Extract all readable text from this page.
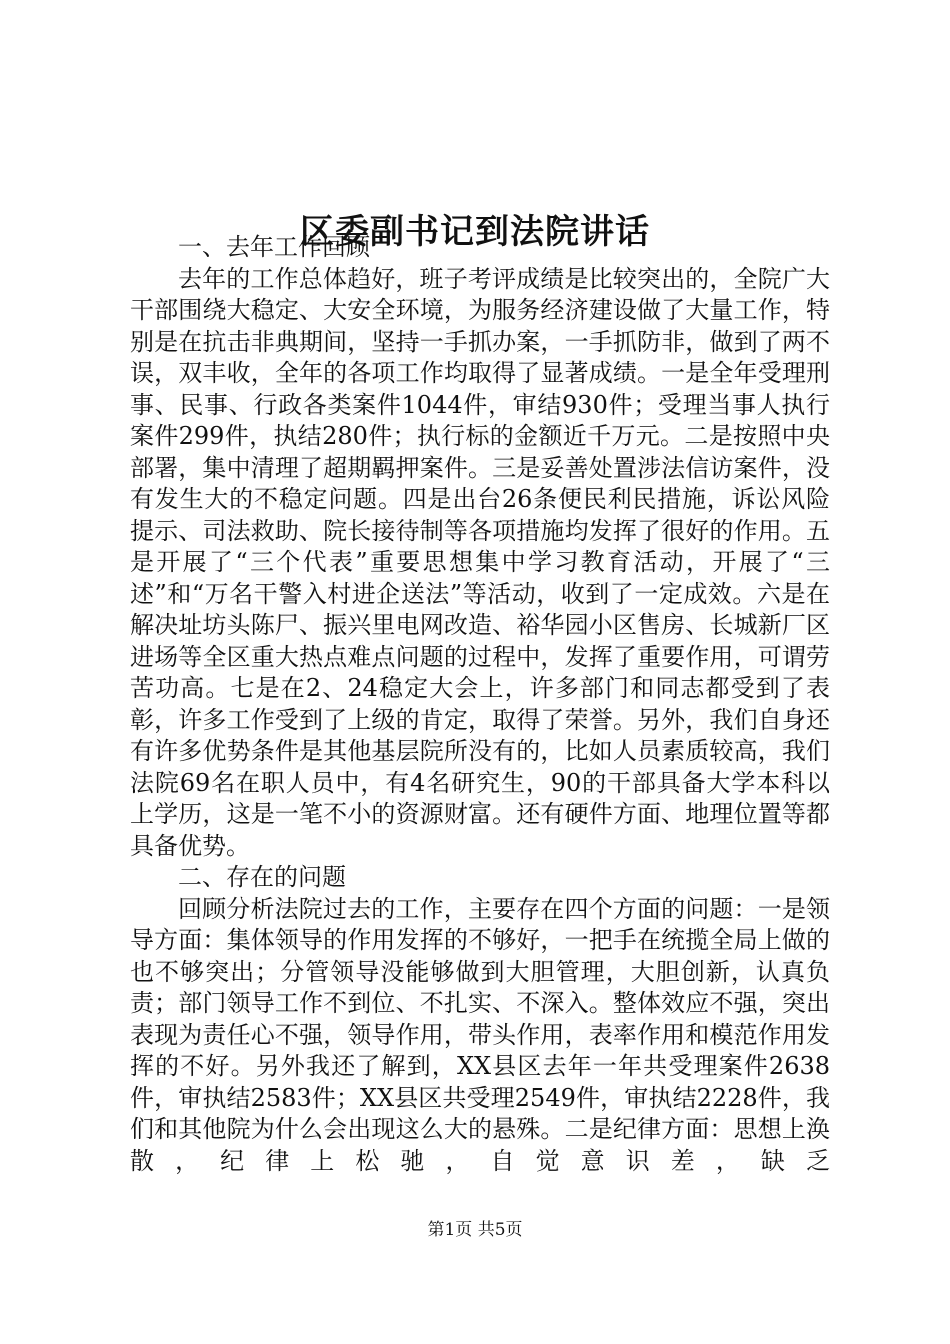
区委副书记到法院讲话

一、去年工作回顾

去年的工作总体趋好，班子考评成绩是比较突出的，全院广大干部围绕大稳定、大安全环境，为服务经济建设做了大量工作，特别是在抗击非典期间，坚持一手抓办案，一手抓防非，做到了两不误，双丰收，全年的各项工作均取得了显著成绩。一是全年受理刑事、民事、行政各类案件1044件，审结930件；受理当事人执行案件299件，执结280件；执行标的金额近千万元。二是按照中央部署，集中清理了超期羁押案件。三是妥善处置涉法信访案件，没有发生大的不稳定问题。四是出台26条便民利民措施，诉讼风险提示、司法救助、院长接待制等各项措施均发挥了很好的作用。五是开展了“三个代表”重要思想集中学习教育活动，开展了“三述”和“万名干警入村进企送法”等活动，收到了一定成效。六是在解决址坊头陈尸、振兴里电网改造、裕华园小区售房、长城新厂区进场等全区重大热点难点问题的过程中，发挥了重要作用，可谓劳苦功高。七是在2、24稳定大会上，许多部门和同志都受到了表彰，许多工作受到了上级的肯定，取得了荣誉。另外，我们自身还有许多优势条件是其他基层院所没有的，比如人员素质较高，我们法院69名在职人员中，有4名研究生，90的干部具备大学本科以上学历，这是一笔不小的资源财富。还有硬件方面、地理位置等都具备优势。

二、存在的问题

回顾分析法院过去的工作，主要存在四个方面的问题：一是领导方面：集体领导的作用发挥的不够好，一把手在统揽全局上做的也不够突出；分管领导没能够做到大胆管理，大胆创新，认真负责；部门领导工作不到位、不扎实、不深入。整体效应不强，突出表现为责任心不强，领导作用，带头作用，表率作用和模范作用发挥的不好。另外我还了解到，XX县区去年一年共受理案件2638件，审执结2583件；XX县区共受理2549件，审执结2228件，我们和其他院为什么会出现这么大的悬殊。二是纪律方面：思想上涣散，纪律上松驰，自觉意识差，缺乏

第1页 共5页
